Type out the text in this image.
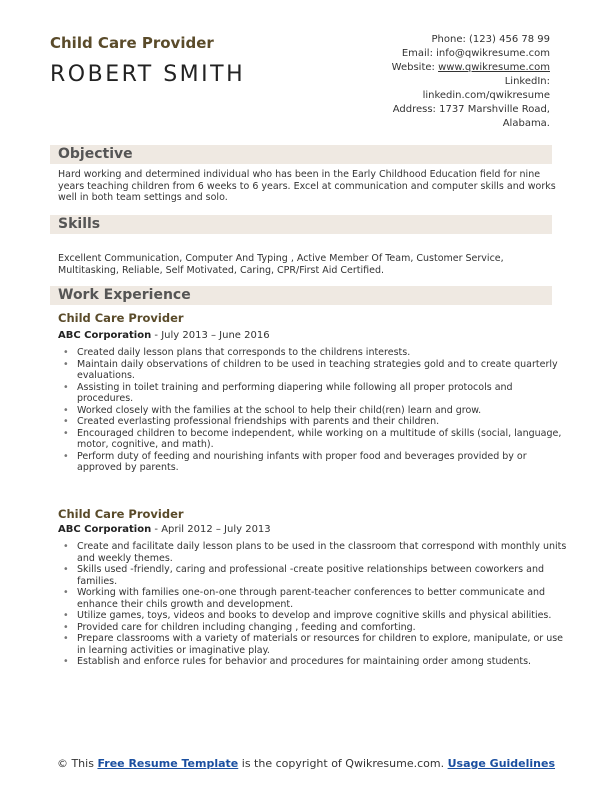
Child Care Provider
ROBERT SMITH
Phone: (123) 456 78 99
Email: info@qwikresume.com
Website: www.qwikresume.com
LinkedIn:
linkedin.com/qwikresume
Address: 1737 Marshville Road,
Alabama.
Objective
Hard working and determined individual who has been in the Early Childhood Education field for nine years teaching children from 6 weeks to 6 years. Excel at communication and computer skills and works well in both team settings and solo.
Skills
Excellent Communication, Computer And Typing , Active Member Of Team, Customer Service, Multitasking, Reliable, Self Motivated, Caring, CPR/First Aid Certified.
Work Experience
Child Care Provider
ABC Corporation - July 2013 – June 2016
• Created daily lesson plans that corresponds to the childrens interests.
• Maintain daily observations of children to be used in teaching strategies gold and to create quarterly evaluations.
• Assisting in toilet training and performing diapering while following all proper protocols and procedures.
• Worked closely with the families at the school to help their child(ren) learn and grow.
• Created everlasting professional friendships with parents and their children.
• Encouraged children to become independent, while working on a multitude of skills (social, language, motor, cognitive, and math).
• Perform duty of feeding and nourishing infants with proper food and beverages provided by or approved by parents.
Child Care Provider
ABC Corporation - April 2012 – July 2013
• Create and facilitate daily lesson plans to be used in the classroom that correspond with monthly units and weekly themes.
• Skills used -friendly, caring and professional -create positive relationships between coworkers and families.
• Working with families one-on-one through parent-teacher conferences to better communicate and enhance their chils growth and development.
• Utilize games, toys, videos and books to develop and improve cognitive skills and physical abilities.
• Provided care for children including changing , feeding and comforting.
• Prepare classrooms with a variety of materials or resources for children to explore, manipulate, or use in learning activities or imaginative play.
• Establish and enforce rules for behavior and procedures for maintaining order among students.
© This Free Resume Template is the copyright of Qwikresume.com. Usage Guidelines
